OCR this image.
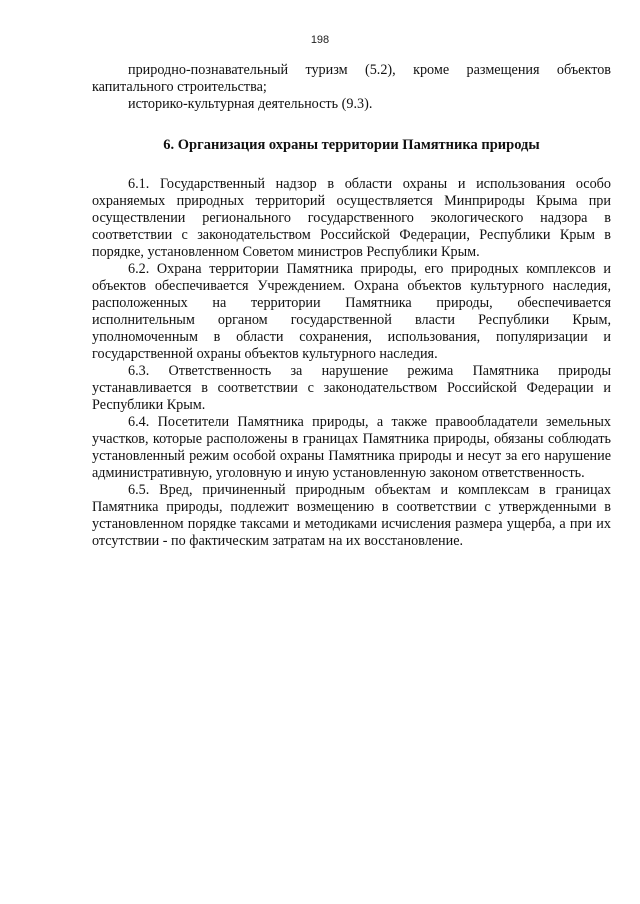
198

природно-познавательный туризм (5.2), кроме размещения объектов капитального строительства;

историко-культурная деятельность (9.3).

6. Организация охраны территории Памятника природы

6.1. Государственный надзор в области охраны и использования особо охраняемых природных территорий осуществляется Минприроды Крыма при осуществлении регионального государственного экологического надзора в соответствии с законодательством Российской Федерации, Республики Крым в порядке, установленном Советом министров Республики Крым.

6.2. Охрана территории Памятника природы, его природных комплексов и объектов обеспечивается Учреждением. Охрана объектов культурного наследия, расположенных на территории Памятника природы, обеспечивается исполнительным органом государственной власти Республики Крым, уполномоченным в области сохранения, использования, популяризации и государственной охраны объектов культурного наследия.

6.3. Ответственность за нарушение режима Памятника природы устанавливается в соответствии с законодательством Российской Федерации и Республики Крым.

6.4. Посетители Памятника природы, а также правообладатели земельных участков, которые расположены в границах Памятника природы, обязаны соблюдать установленный режим особой охраны Памятника природы и несут за его нарушение административную, уголовную и иную установленную законом ответственность.

6.5. Вред, причиненный природным объектам и комплексам в границах Памятника природы, подлежит возмещению в соответствии с утвержденными в установленном порядке таксами и методиками исчисления размера ущерба, а при их отсутствии - по фактическим затратам на их восстановление.
